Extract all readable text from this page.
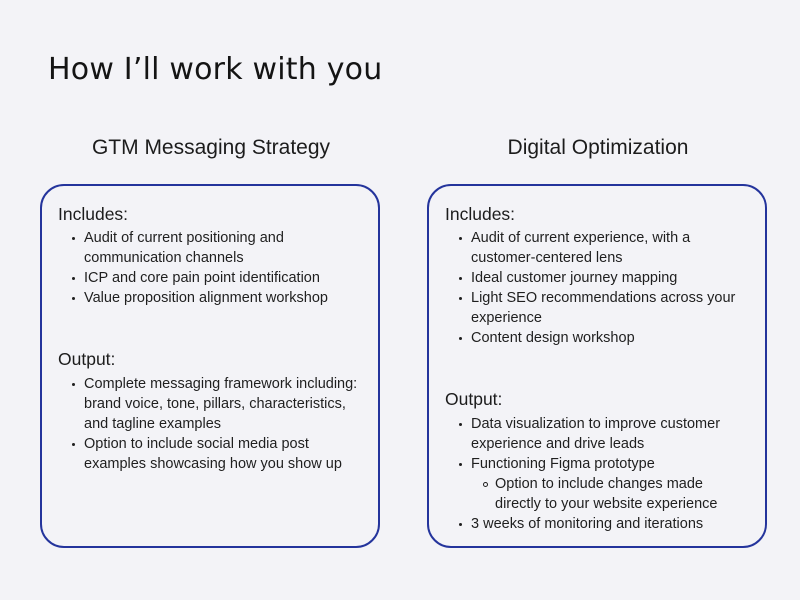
How I’ll work with you
GTM Messaging Strategy	Digital Optimization
Includes:
Audit of current positioning and
communication channels
ICP and core pain point identification
Value proposition alignment workshop
Output:
Complete messaging framework including:
brand voice, tone, pillars, characteristics,
and tagline examples
Option to include social media post
examples showcasing how you show up
Includes:
Audit of current experience, with a
customer-centered lens
Ideal customer journey mapping
Light SEO recommendations across your
experience
Content design workshop
Output:
Data visualization to improve customer
experience and drive leads
Functioning Figma prototype
Option to include changes made
directly to your website experience
3 weeks of monitoring and iterations
